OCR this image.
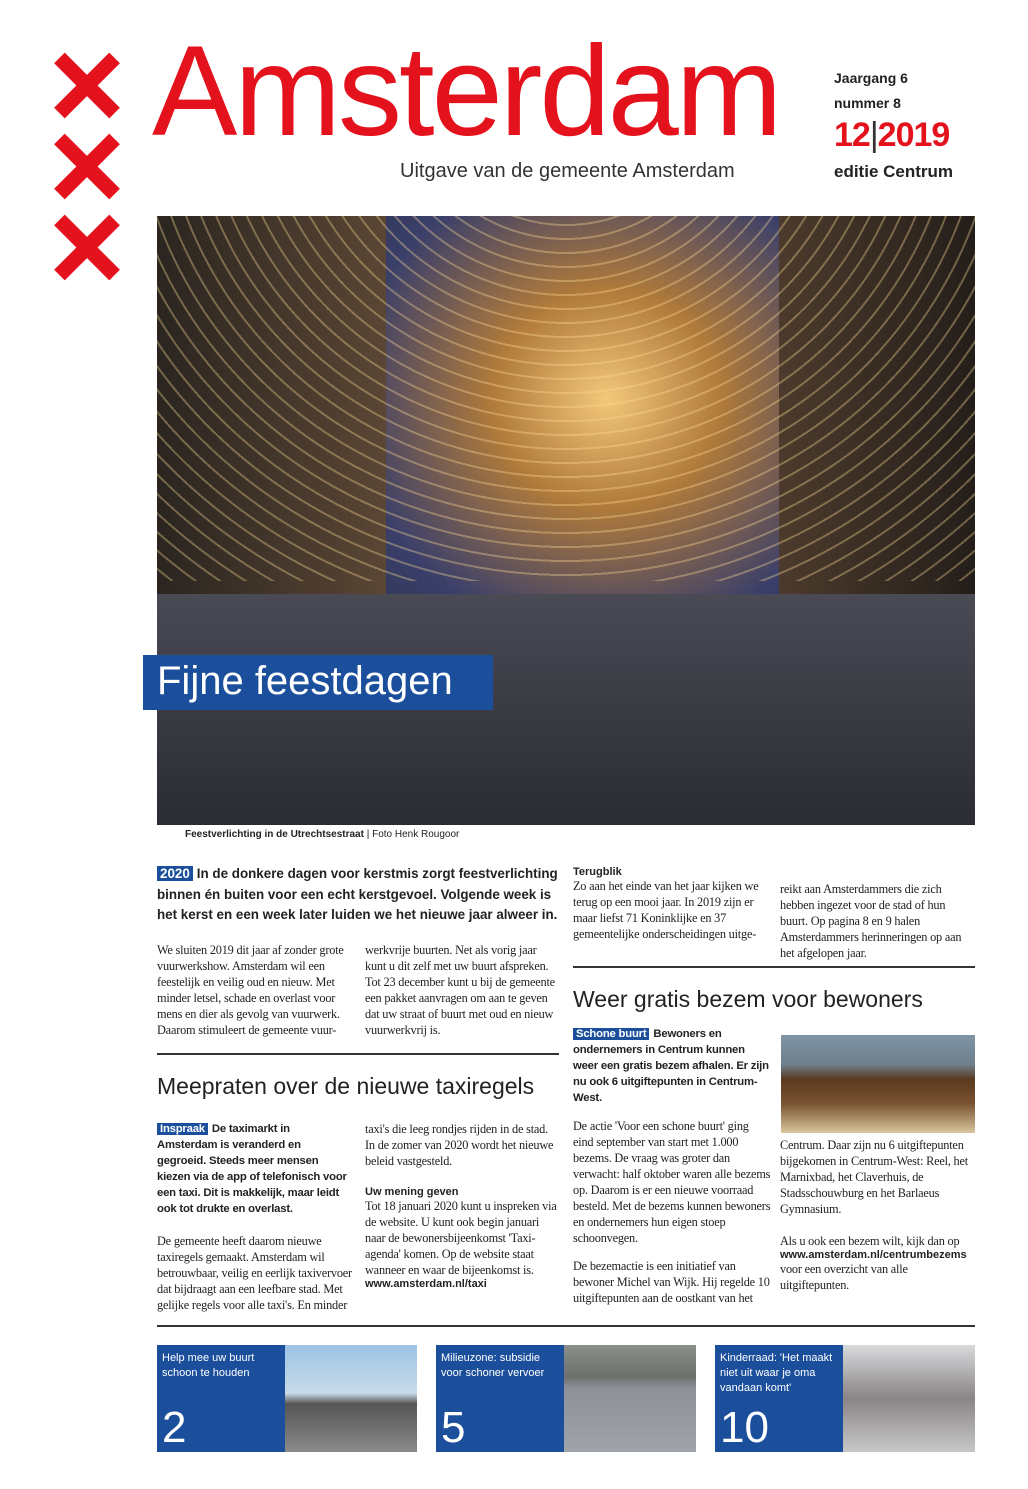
Amsterdam
Uitgave van de gemeente Amsterdam
Jaargang 6
nummer 8
12|2019
editie Centrum
Fijne feestdagen
Feestverlichting in de Utrechtsestraat | Foto Henk Rougoor
2020 In de donkere dagen voor kerstmis zorgt feestverlichting binnen én buiten voor een echt kerstgevoel. Volgende week is het kerst en een week later luiden we het nieuwe jaar alweer in.
We sluiten 2019 dit jaar af zonder grote vuurwerkshow. Amsterdam wil een feestelijk en veilig oud en nieuw. Met minder letsel, schade en overlast voor mens en dier als gevolg van vuurwerk. Daarom stimuleert de gemeente vuur-
werkvrije buurten. Net als vorig jaar kunt u dit zelf met uw buurt afspreken. Tot 23 december kunt u bij de gemeente een pakket aanvragen om aan te geven dat uw straat of buurt met oud en nieuw vuurwerkvrij is.
Terugblik
Zo aan het einde van het jaar kijken we terug op een mooi jaar. In 2019 zijn er maar liefst 71 Koninklijke en 37 gemeentelijke onderscheidingen uitge-
reikt aan Amsterdammers die zich hebben ingezet voor de stad of hun buurt. Op pagina 8 en 9 halen Amsterdammers herinneringen op aan het afgelopen jaar.
Weer gratis bezem voor bewoners
Meepraten over de nieuwe taxiregels
Inspraak De taximarkt in Amsterdam is veranderd en gegroeid. Steeds meer mensen kiezen via de app of telefonisch voor een taxi. Dit is makkelijk, maar leidt ook tot drukte en overlast.
De gemeente heeft daarom nieuwe taxiregels gemaakt. Amsterdam wil betrouwbaar, veilig en eerlijk taxivervoer dat bijdraagt aan een leefbare stad. Met gelijke regels voor alle taxi's. En minder
taxi's die leeg rondjes rijden in de stad. In de zomer van 2020 wordt het nieuwe beleid vastgesteld.
Uw mening geven
Tot 18 januari 2020 kunt u inspreken via de website. U kunt ook begin januari naar de bewonersbijeenkomst 'Taxi-agenda' komen. Op de website staat wanneer en waar de bijeenkomst is.
www.amsterdam.nl/taxi
Schone buurt Bewoners en ondernemers in Centrum kunnen weer een gratis bezem afhalen. Er zijn nu ook 6 uitgiftepunten in Centrum-West.
De actie 'Voor een schone buurt' ging eind september van start met 1.000 bezems. De vraag was groter dan verwacht: half oktober waren alle bezems op. Daarom is er een nieuwe voorraad besteld. Met de bezems kunnen bewoners en ondernemers hun eigen stoep schoonvegen.
De bezemactie is een initiatief van bewoner Michel van Wijk. Hij regelde 10 uitgiftepunten aan de oostkant van het
Centrum. Daar zijn nu 6 uitgiftepunten bijgekomen in Centrum-West: Reel, het Marnixbad, het Claverhuis, de Stadsschouwburg en het Barlaeus Gymnasium.
Als u ook een bezem wilt, kijk dan op
www.amsterdam.nl/centrumbezems
voor een overzicht van alle uitgiftepunten.
Help mee uw buurt schoon te houden
2
Milieuzone: subsidie voor schoner vervoer
5
Kinderraad: 'Het maakt niet uit waar je oma vandaan komt'
10
